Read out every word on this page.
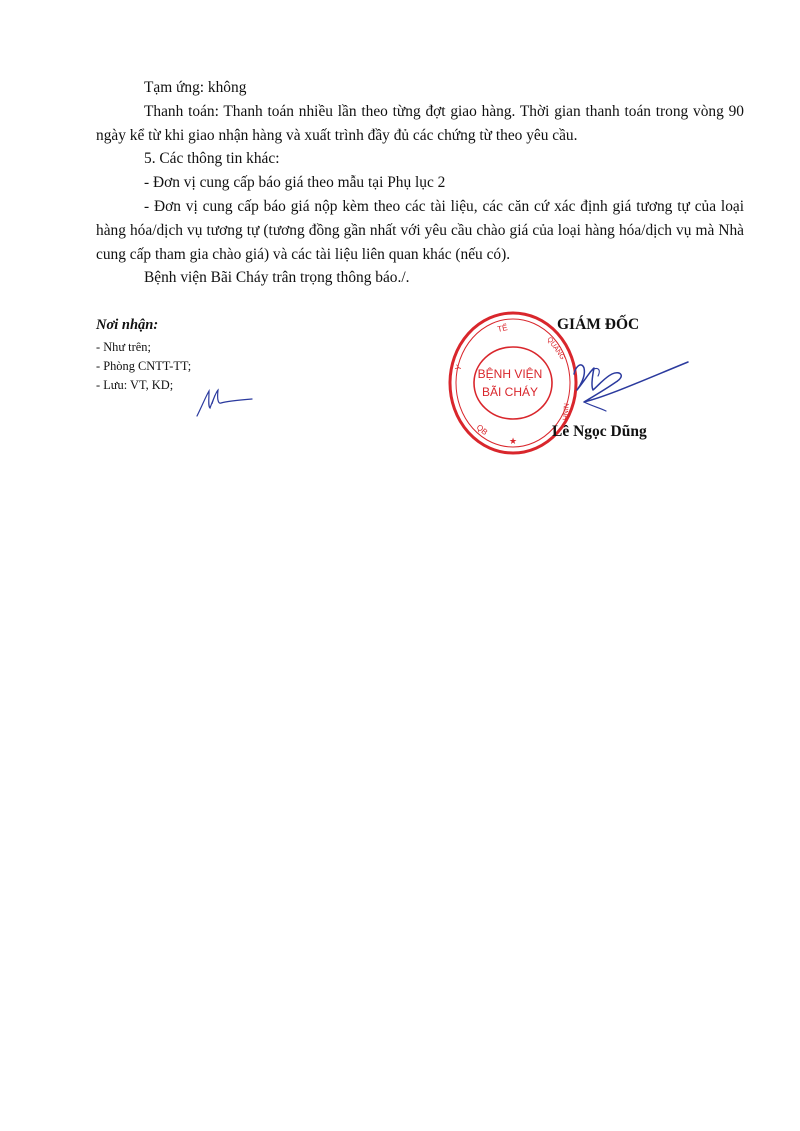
Tạm ứng: không

Thanh toán: Thanh toán nhiều lần theo từng đợt giao hàng. Thời gian thanh toán trong vòng 90 ngày kể từ khi giao nhận hàng và xuất trình đầy đủ các chứng từ theo yêu cầu.

5. Các thông tin khác:

- Đơn vị cung cấp báo giá theo mẫu tại Phụ lục 2

- Đơn vị cung cấp báo giá nộp kèm theo các tài liệu, các căn cứ xác định giá tương tự của loại hàng hóa/dịch vụ tương tự (tương đồng gần nhất với yêu cầu chào giá của loại hàng hóa/dịch vụ mà Nhà cung cấp tham gia chào giá) và các tài liệu liên quan khác (nếu có).

Bệnh viện Bãi Cháy trân trọng thông báo./.

Nơi nhận:

- Như trên;

- Phòng CNTT-TT;

- Lưu: VT, KD;

TẾ
QUẢNG
Y
NINH
QB
★
BỆNH VIỆN
BÃI CHÁY
GIÁM ĐỐC
Lê Ngọc Dũng
